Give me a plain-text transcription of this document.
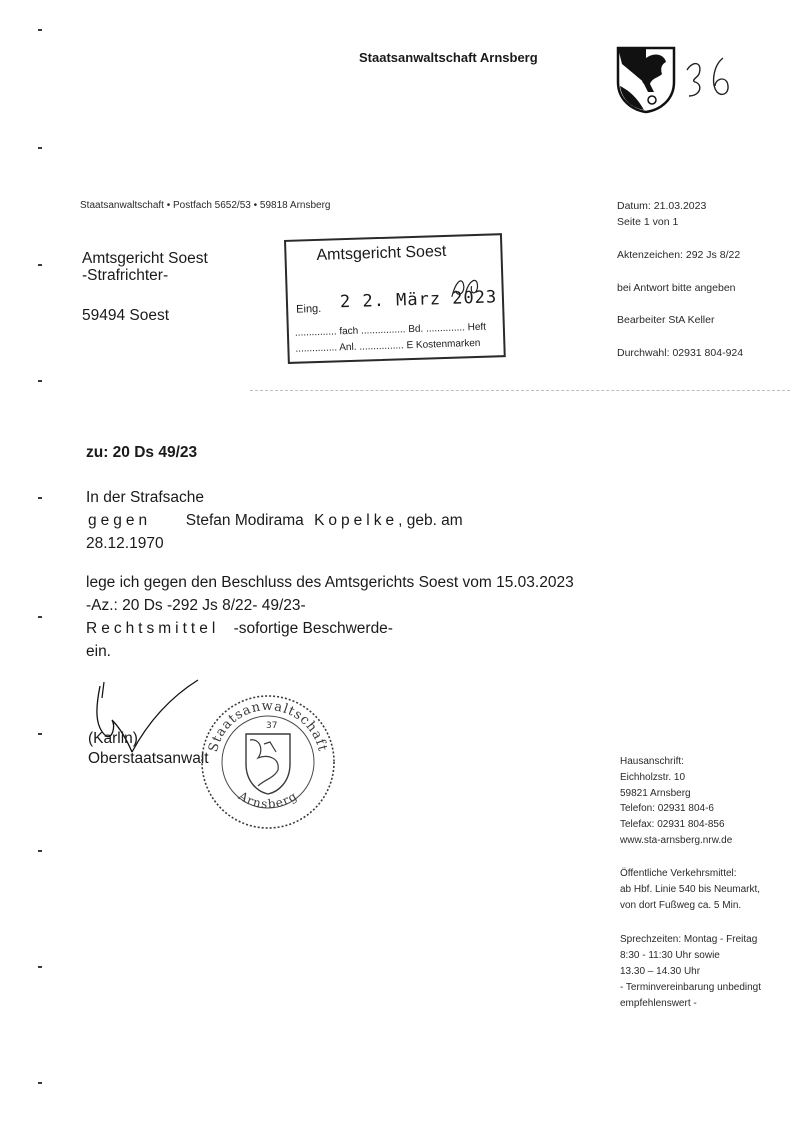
Staatsanwaltschaft Arnsberg
Staatsanwaltschaft • Postfach 5652/53 • 59818 Arnsberg
Amtsgericht Soest
-Strafrichter-
59494 Soest
Amtsgericht Soest
Eing. 2 2. März 2023
............... fach ................ Bd. .............. Heft
............... Anl. ................ E Kostenmarken
Datum: 21.03.2023
Seite 1 von 1
Aktenzeichen: 292 Js 8/22
bei Antwort bitte angeben
Bearbeiter StA Keller
Durchwahl: 02931 804-924
zu: 20 Ds 49/23
In der Strafsache
gegen Stefan Modirama Kopelke, geb. am
28.12.1970
lege ich gegen den Beschluss des Amtsgerichts Soest vom 15.03.2023
-Az.: 20 Ds -292 Js 8/22- 49/23-
Rechtsmittel -sofortige Beschwerde-
ein.
(Karlin)
Oberstaatsanwalt
Staatsanwaltschaft
Arnsberg
37
Hausanschrift:
Eichholzstr. 10
59821 Arnsberg
Telefon: 02931 804-6
Telefax: 02931 804-856
www.sta-arnsberg.nrw.de
Öffentliche Verkehrsmittel:
ab Hbf. Linie 540 bis Neumarkt,
von dort Fußweg ca. 5 Min.
Sprechzeiten: Montag - Freitag
8:30 - 11:30 Uhr sowie
13.30 – 14.30 Uhr
- Terminvereinbarung unbedingt
empfehlenswert -
